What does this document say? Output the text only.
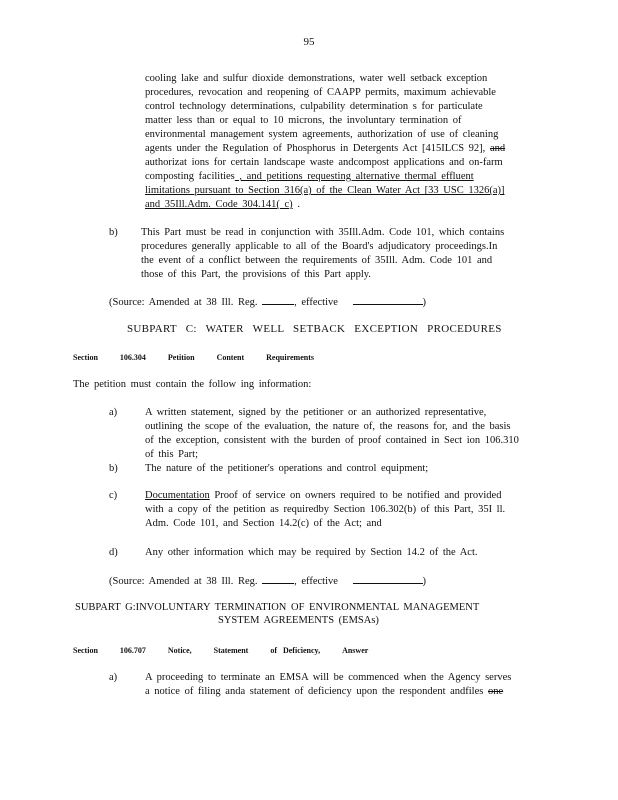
95
cooling lake and sulfur dioxide demonstrations, water well setback exception
procedures, revocation and reopening of CAAPP permits, maximum achievable
control technology determinations, culpability determination s for particulate
matter less than or equal to 10 microns, the involuntary termination of
environmental management system agreements, authorization of use of cleaning
agents under the Regulation of Phosphorus in Detergents Act [415ILCS 92], and
authorizat ions for certain landscape waste andcompost applications and on-farm
composting facilities , and petitions requesting alternative thermal effluent
limitations pursuant to Section 316(a) of the Clean Water Act [33 USC 1326(a)]
and 35Ill.Adm. Code 304.141( c) .
b) This Part must be read in conjunction with 35Ill.Adm. Code 101, which contains
procedures generally applicable to all of the Board's adjudicatory proceedings.In
the event of a conflict between the requirements of 35Ill. Adm. Code 101 and
those of this Part, the provisions of this Part apply.
(Source: Amended at 38 Ill. Reg.	, effective	)
SUBPART C: WATER WELL SETBACK EXCEPTION PROCEDURES
Section	106.304	Petition	Content	Requirements
The petition must contain the follow ing information:
a)	A written statement, signed by the petitioner or an authorized representative,
outlining the scope of the evaluation, the nature of, the reasons for, and the basis
of the exception, consistent with the burden of proof contained in Sect ion 106.310
of this Part;
b)	The nature of the petitioner's operations and control equipment;
c)	Documentation Proof of service on owners required to be notified and provided
with a copy of the petition as requiredby Section 106.302(b) of this Part, 35I ll.
Adm. Code 101, and Section 14.2(c) of the Act; and
d)	Any other information which may be required by Section 14.2 of the Act.
(Source: Amended at 38 Ill. Reg.	, effective	)
SUBPART G:INVOLUNTARY TERMINATION OF ENVIRONMENTAL MANAGEMENT
SYSTEM AGREEMENTS (EMSAs)
Section	106.707	Notice,	Statement	of Deficiency,	Answer
a)	A proceeding to terminate an EMSA will be commenced when the Agency serves
a notice of filing anda statement of deficiency upon the respondent andfiles one
